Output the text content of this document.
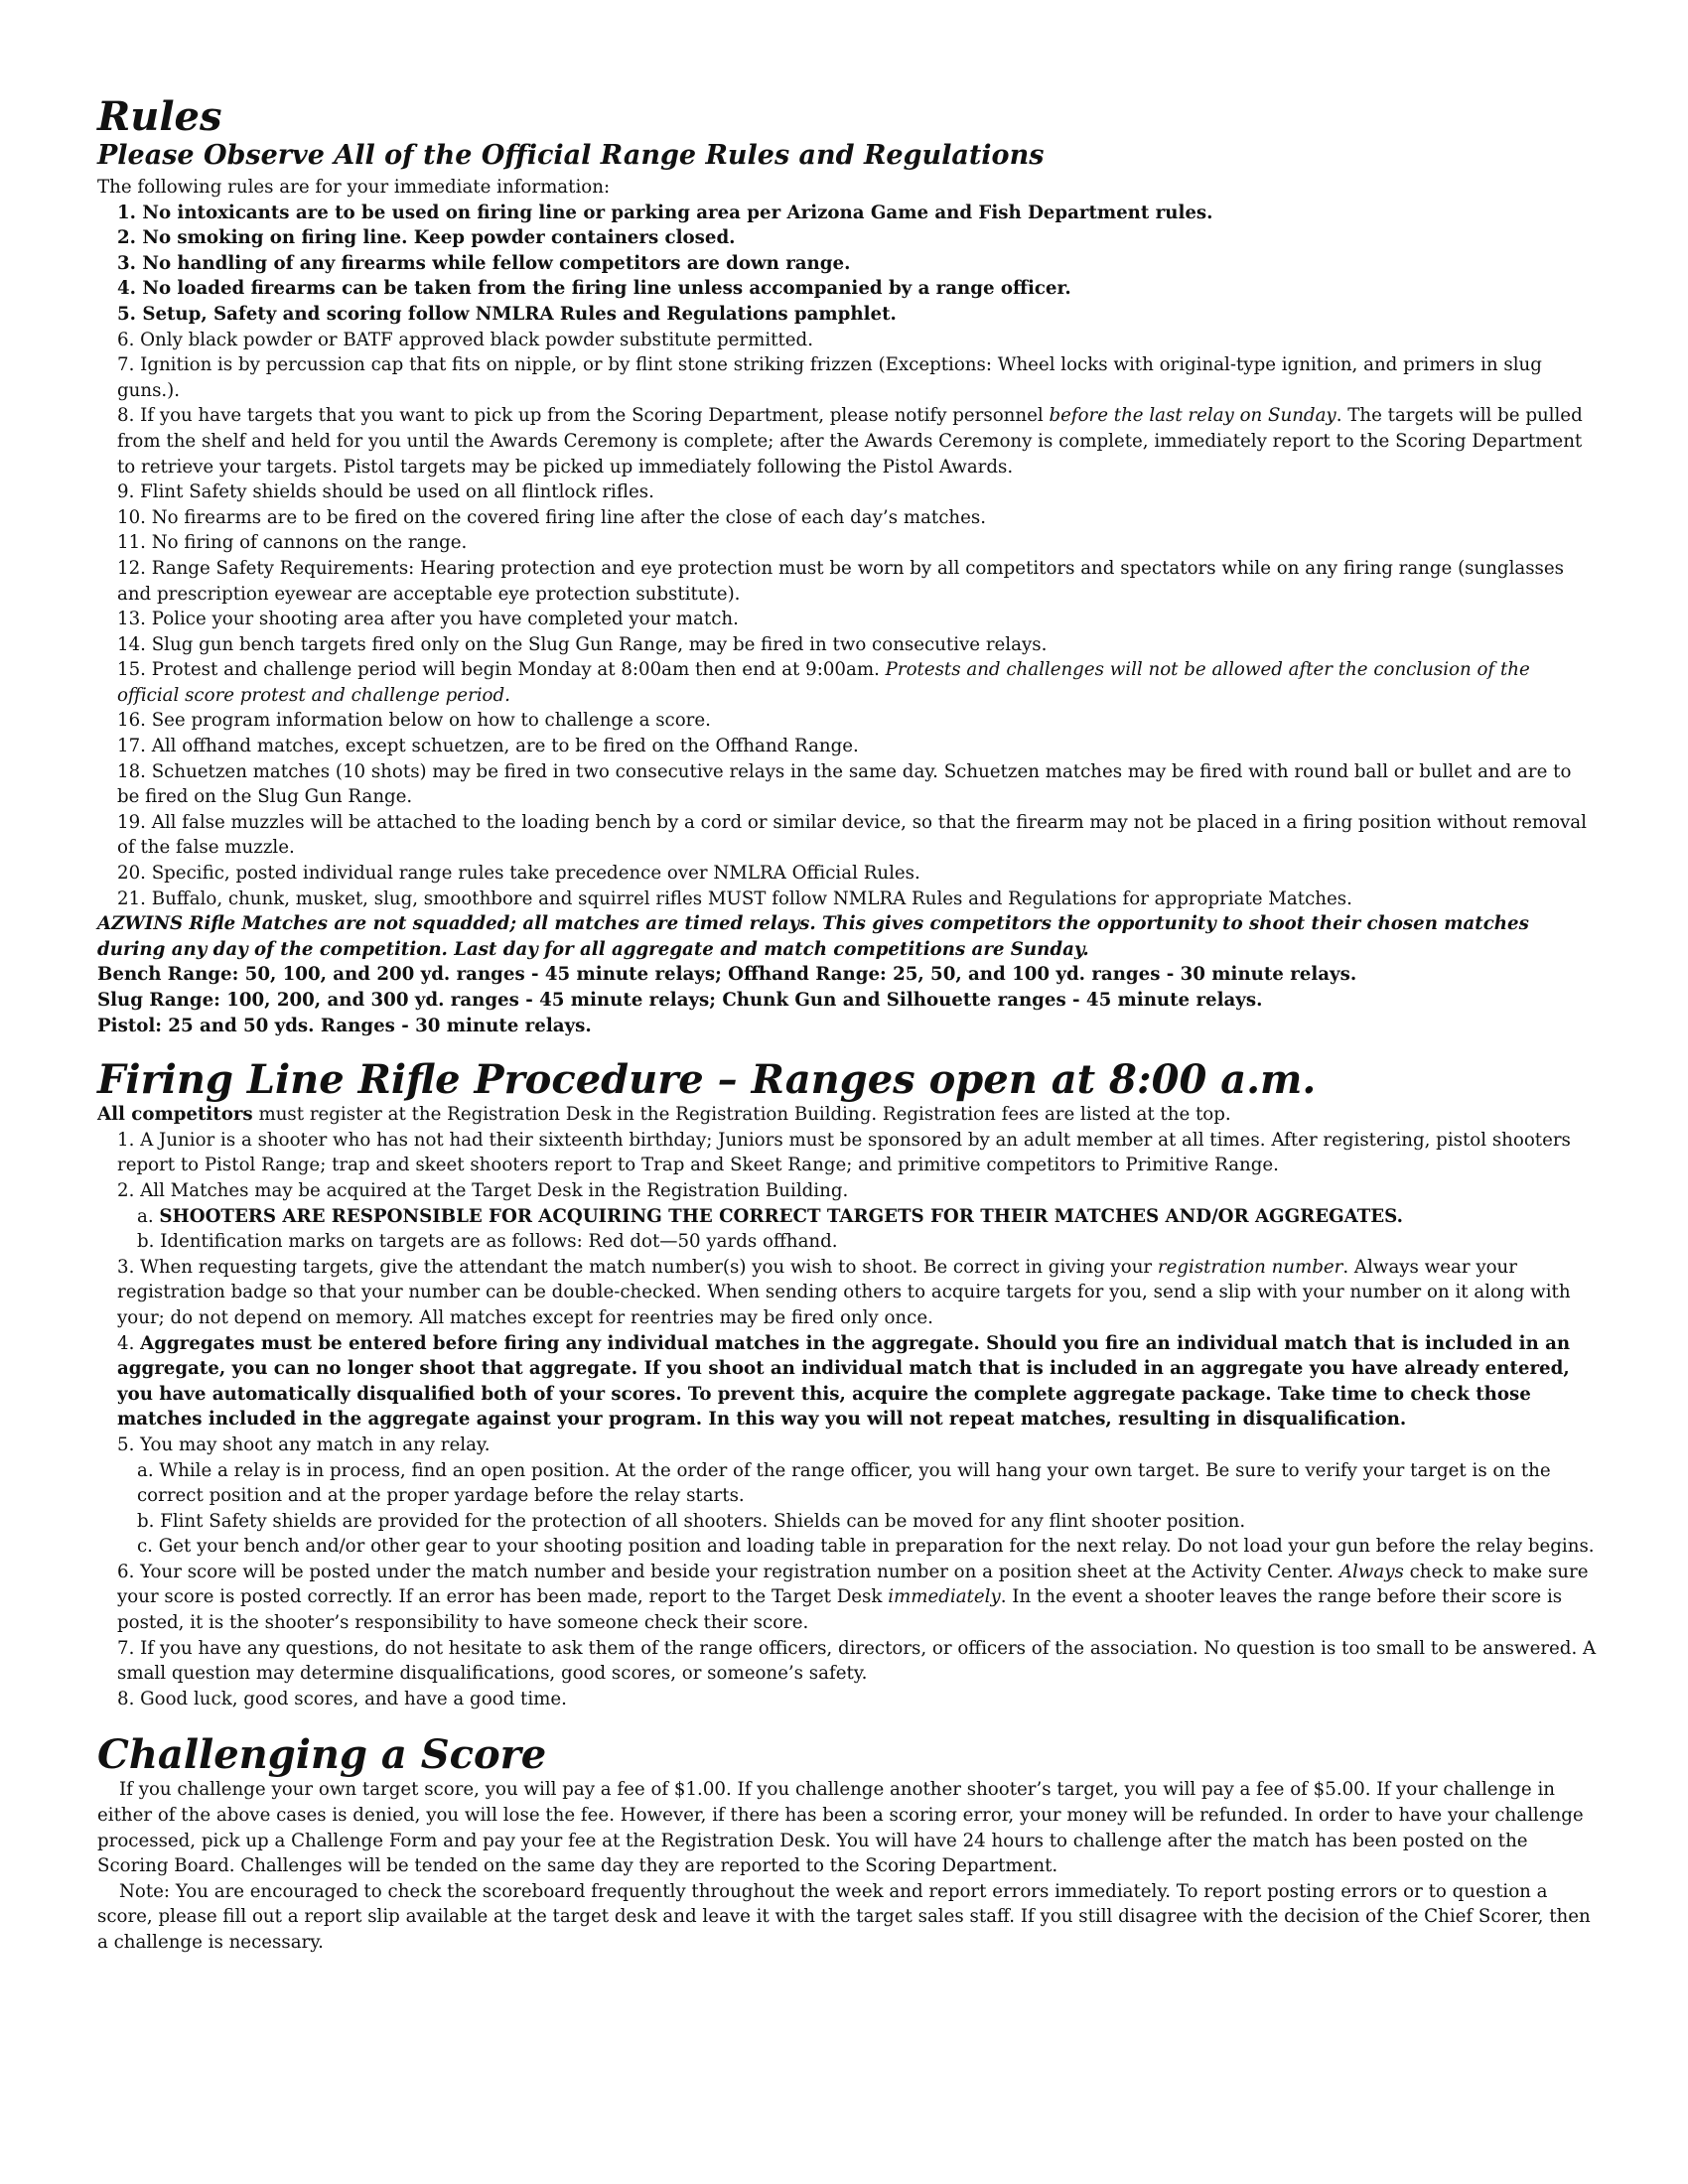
Rules
Please Observe All of the Official Range Rules and Regulations

The following rules are for your immediate information:

1. No intoxicants are to be used on firing line or parking area per Arizona Game and Fish Department rules.
2. No smoking on firing line. Keep powder containers closed.
3. No handling of any firearms while fellow competitors are down range.
4. No loaded firearms can be taken from the firing line unless accompanied by a range officer.
5. Setup, Safety and scoring follow NMLRA Rules and Regulations pamphlet.
6. Only black powder or BATF approved black powder substitute permitted.
7. Ignition is by percussion cap that fits on nipple, or by flint stone striking frizzen (Exceptions: Wheel locks with original-type ignition, and primers in slug guns.).
8. If you have targets that you want to pick up from the Scoring Department, please notify personnel before the last relay on Sunday. The targets will be pulled from the shelf and held for you until the Awards Ceremony is complete; after the Awards Ceremony is complete, immediately report to the Scoring Department to retrieve your targets. Pistol targets may be picked up immediately following the Pistol Awards.
9. Flint Safety shields should be used on all flintlock rifles.
10. No firearms are to be fired on the covered firing line after the close of each day’s matches.
11. No firing of cannons on the range.
12. Range Safety Requirements: Hearing protection and eye protection must be worn by all competitors and spectators while on any firing range (sunglasses and prescription eyewear are acceptable eye protection substitute).
13. Police your shooting area after you have completed your match.
14. Slug gun bench targets fired only on the Slug Gun Range, may be fired in two consecutive relays.
15. Protest and challenge period will begin Monday at 8:00am then end at 9:00am. Protests and challenges will not be allowed after the conclusion of the official score protest and challenge period.
16. See program information below on how to challenge a score.
17. All offhand matches, except schuetzen, are to be fired on the Offhand Range.
18. Schuetzen matches (10 shots) may be fired in two consecutive relays in the same day. Schuetzen matches may be fired with round ball or bullet and are to be fired on the Slug Gun Range.
19. All false muzzles will be attached to the loading bench by a cord or similar device, so that the firearm may not be placed in a firing position without removal of the false muzzle.
20. Specific, posted individual range rules take precedence over NMLRA Official Rules.
21. Buffalo, chunk, musket, slug, smoothbore and squirrel rifles MUST follow NMLRA Rules and Regulations for appropriate Matches.

AZWINS Rifle Matches are not squadded; all matches are timed relays. This gives competitors the opportunity to shoot their chosen matches during any day of the competition. Last day for all aggregate and match competitions are Sunday.

Bench Range: 50, 100, and 200 yd. ranges - 45 minute relays; Offhand Range: 25, 50, and 100 yd. ranges - 30 minute relays.

Slug Range: 100, 200, and 300 yd. ranges - 45 minute relays; Chunk Gun and Silhouette ranges - 45 minute relays.

Pistol: 25 and 50 yds. Ranges - 30 minute relays.

Firing Line Rifle Procedure – Ranges open at 8:00 a.m.

All competitors must register at the Registration Desk in the Registration Building. Registration fees are listed at the top.

1. A Junior is a shooter who has not had their sixteenth birthday; Juniors must be sponsored by an adult member at all times. After registering, pistol shooters report to Pistol Range; trap and skeet shooters report to Trap and Skeet Range; and primitive competitors to Primitive Range.

2. All Matches may be acquired at the Target Desk in the Registration Building.

a. SHOOTERS ARE RESPONSIBLE FOR ACQUIRING THE CORRECT TARGETS FOR THEIR MATCHES AND/OR AGGREGATES.

b. Identification marks on targets are as follows: Red dot—50 yards offhand.

3. When requesting targets, give the attendant the match number(s) you wish to shoot. Be correct in giving your registration number. Always wear your registration badge so that your number can be double-checked. When sending others to acquire targets for you, send a slip with your number on it along with your; do not depend on memory. All matches except for reentries may be fired only once.

4. Aggregates must be entered before firing any individual matches in the aggregate. Should you fire an individual match that is included in an aggregate, you can no longer shoot that aggregate. If you shoot an individual match that is included in an aggregate you have already entered, you have automatically disqualified both of your scores. To prevent this, acquire the complete aggregate package. Take time to check those matches included in the aggregate against your program. In this way you will not repeat matches, resulting in disqualification.

5. You may shoot any match in any relay.

a. While a relay is in process, find an open position. At the order of the range officer, you will hang your own target. Be sure to verify your target is on the correct position and at the proper yardage before the relay starts.

b. Flint Safety shields are provided for the protection of all shooters. Shields can be moved for any flint shooter position.

c. Get your bench and/or other gear to your shooting position and loading table in preparation for the next relay. Do not load your gun before the relay begins.

6. Your score will be posted under the match number and beside your registration number on a position sheet at the Activity Center. Always check to make sure your score is posted correctly. If an error has been made, report to the Target Desk immediately. In the event a shooter leaves the range before their score is posted, it is the shooter’s responsibility to have someone check their score.

7. If you have any questions, do not hesitate to ask them of the range officers, directors, or officers of the association. No question is too small to be answered. A small question may determine disqualifications, good scores, or someone’s safety.

8. Good luck, good scores, and have a good time.

Challenging a Score

If you challenge your own target score, you will pay a fee of $1.00. If you challenge another shooter’s target, you will pay a fee of $5.00. If your challenge in either of the above cases is denied, you will lose the fee. However, if there has been a scoring error, your money will be refunded. In order to have your challenge processed, pick up a Challenge Form and pay your fee at the Registration Desk. You will have 24 hours to challenge after the match has been posted on the Scoring Board. Challenges will be tended on the same day they are reported to the Scoring Department.

Note: You are encouraged to check the scoreboard frequently throughout the week and report errors immediately. To report posting errors or to question a score, please fill out a report slip available at the target desk and leave it with the target sales staff. If you still disagree with the decision of the Chief Scorer, then a challenge is necessary.
